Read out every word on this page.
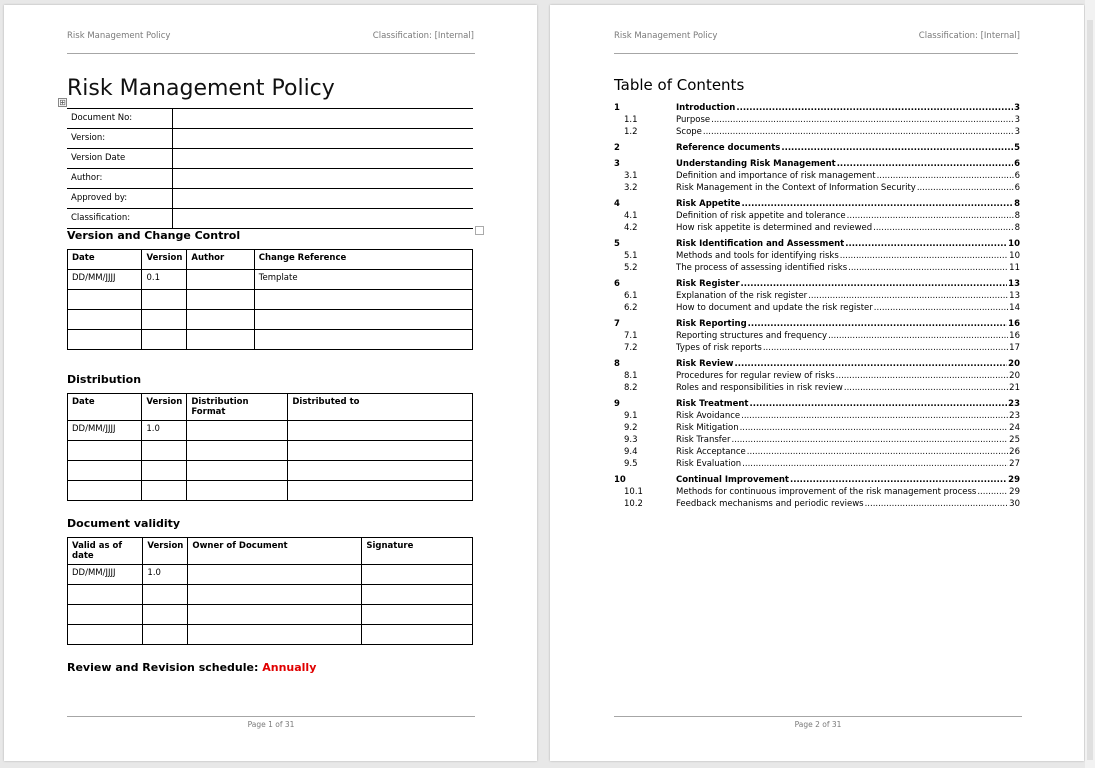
Risk Management Policy	Classification: [Internal]
⊞
Risk Management Policy
Document No:	
Version:	
Version Date	
Author:	
Approved by:	
Classification:	
Version and Change Control
Date	Version	Author	Change Reference
DD/MM/JJJJ	0.1		Template

Distribution
Date	Version	Distribution Format	Distributed to
DD/MM/JJJJ	1.0		

Document validity
Valid as of date	Version	Owner of Document	Signature
DD/MM/JJJJ	1.0		

Review and Revision schedule: Annually
Page 1 of 31
Risk Management Policy	Classification: [Internal]
Table of Contents
1	Introduction .....	3
1.1	Purpose .....	3
1.2	Scope .....	3
2	Reference documents .....	5
3	Understanding Risk Management .....	6
3.1	Definition and importance of risk management .....	6
3.2	Risk Management in the Context of Information Security .....	6
4	Risk Appetite .....	8
4.1	Definition of risk appetite and tolerance .....	8
4.2	How risk appetite is determined and reviewed .....	8
5	Risk Identification and Assessment .....	10
5.1	Methods and tools for identifying risks .....	10
5.2	The process of assessing identified risks .....	11
6	Risk Register .....	13
6.1	Explanation of the risk register .....	13
6.2	How to document and update the risk register .....	14
7	Risk Reporting .....	16
7.1	Reporting structures and frequency .....	16
7.2	Types of risk reports .....	17
8	Risk Review .....	20
8.1	Procedures for regular review of risks .....	20
8.2	Roles and responsibilities in risk review .....	21
9	Risk Treatment .....	23
9.1	Risk Avoidance .....	23
9.2	Risk Mitigation .....	24
9.3	Risk Transfer .....	25
9.4	Risk Acceptance .....	26
9.5	Risk Evaluation .....	27
10	Continual Improvement .....	29
10.1	Methods for continuous improvement of the risk management process .....	29
10.2	Feedback mechanisms and periodic reviews .....	30
Page 2 of 31
